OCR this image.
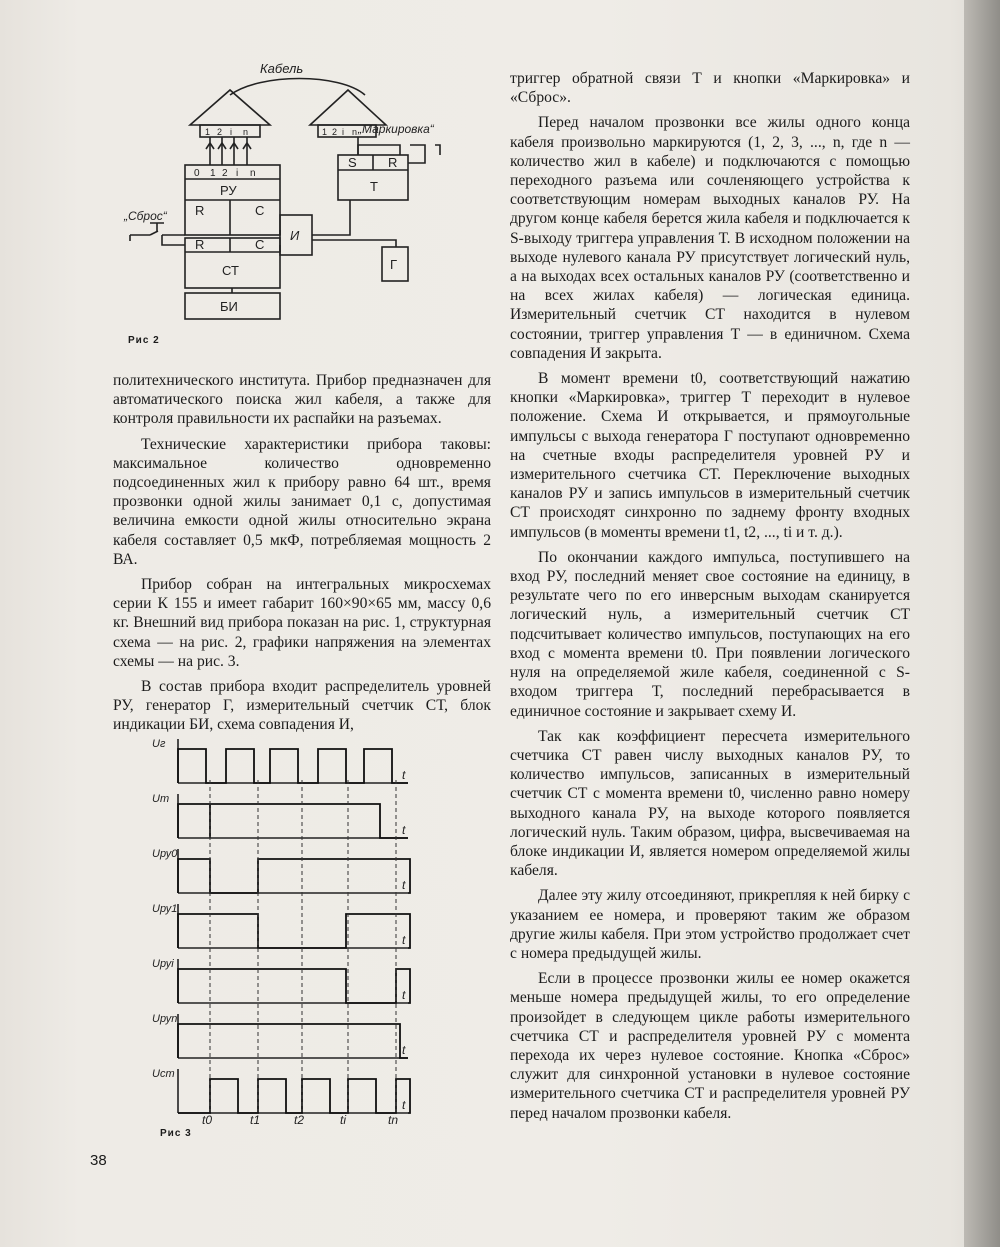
Кабель
„Маркировка“
„Сброс“
1 2 i n	1 2 i n
0 1 2 i n
РУ
R	C
R	C
СТ
БИ
S R
Т
И
Г
Рис 2

политехнического института. Прибор предназначен для автоматического поиска жил кабеля, а также для контроля правильности их распайки на разъемах.

Технические характеристики прибора таковы: максимальное количество одновременно подсоединенных жил к прибору равно 64 шт., время прозвонки одной жилы занимает 0,1 с, допустимая величина емкости одной жилы относительно экрана кабеля составляет 0,5 мкФ, потребляемая мощность 2 ВА.

Прибор собран на интегральных микросхемах серии К 155 и имеет габарит 160×90×65 мм, массу 0,6 кг. Внешний вид прибора показан на рис. 1, структурная схема — на рис. 2, графики напряжения на элементах схемы — на рис. 3.

В состав прибора входит распределитель уровней РУ, генератор Г, измерительный счетчик СТ, блок индикации БИ, схема совпадения И,

Uг
t
Uт
t
Uру0
t
Uру1
t
Uруi
t
Uруn
t
Uст
t
t0	t1	t2	ti	tn
Рис 3

триггер обратной связи Т и кнопки «Маркировка» и «Сброс».

Перед началом прозвонки все жилы одного конца кабеля произвольно маркируются (1, 2, 3, ..., n, где n — количество жил в кабеле) и подключаются с помощью переходного разъема или сочленяющего устройства к соответствующим номерам выходных каналов РУ. На другом конце кабеля берется жила кабеля и подключается к S-выходу триггера управления Т. В исходном положении на выходе нулевого канала РУ присутствует логический нуль, а на выходах всех остальных каналов РУ (соответственно и на всех жилах кабеля) — логическая единица. Измерительный счетчик СТ находится в нулевом состоянии, триггер управления Т — в единичном. Схема совпадения И закрыта.

В момент времени t0, соответствующий нажатию кнопки «Маркировка», триггер Т переходит в нулевое положение. Схема И открывается, и прямоугольные импульсы с выхода генератора Г поступают одновременно на счетные входы распределителя уровней РУ и измерительного счетчика СТ. Переключение выходных каналов РУ и запись импульсов в измерительный счетчик СТ происходят синхронно по заднему фронту входных импульсов (в моменты времени t1, t2, ..., ti и т. д.).

По окончании каждого импульса, поступившего на вход РУ, последний меняет свое состояние на единицу, в результате чего по его инверсным выходам сканируется логический нуль, а измерительный счетчик СТ подсчитывает количество импульсов, поступающих на его вход с момента времени t0. При появлении логического нуля на определяемой жиле кабеля, соединенной с S-входом триггера Т, последний перебрасывается в единичное состояние и закрывает схему И.

Так как коэффициент пересчета измерительного счетчика СТ равен числу выходных каналов РУ, то количество импульсов, записанных в измерительный счетчик СТ с момента времени t0, численно равно номеру выходного канала РУ, на выходе которого появляется логический нуль. Таким образом, цифра, высвечиваемая на блоке индикации И, является номером определяемой жилы кабеля.

Далее эту жилу отсоединяют, прикрепляя к ней бирку с указанием ее номера, и проверяют таким же образом другие жилы кабеля. При этом устройство продолжает счет с номера предыдущей жилы.

Если в процессе прозвонки жилы ее номер окажется меньше номера предыдущей жилы, то его определение произойдет в следующем цикле работы измерительного счетчика СТ и распределителя уровней РУ с момента перехода их через нулевое состояние. Кнопка «Сброс» служит для синхронной установки в нулевое состояние измерительного счетчика СТ и распределителя уровней РУ перед началом прозвонки кабеля.

38
